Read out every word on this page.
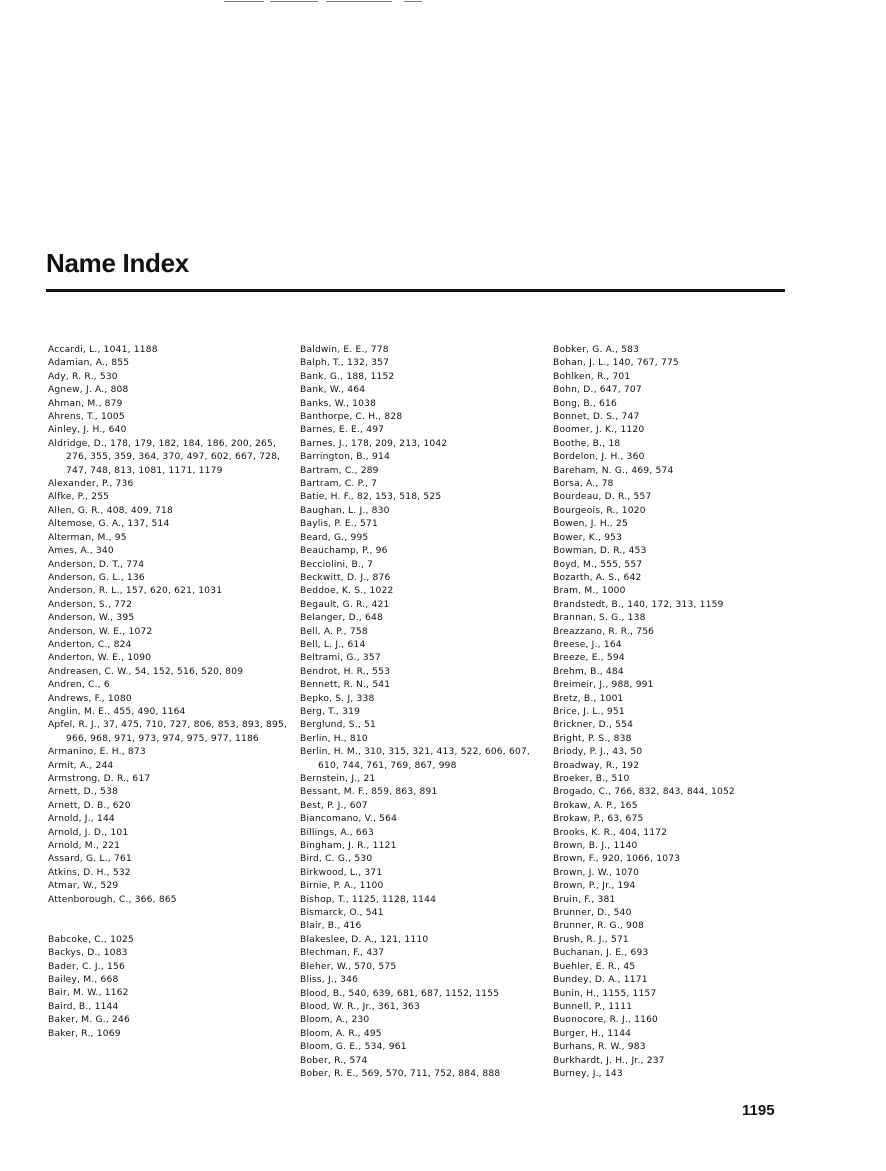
Name Index
Accardi, L., 1041, 1188
Adamian, A., 855
Ady, R. R., 530
Agnew, J. A., 808
Ahman, M., 879
Ahrens, T., 1005
Ainley, J. H., 640
Aldridge, D., 178, 179, 182, 184, 186, 200, 265, 276, 355, 359, 364, 370, 497, 602, 667, 728, 747, 748, 813, 1081, 1171, 1179
Alexander, P., 736
Alfke, P., 255
Allen, G. R., 408, 409, 718
Altemose, G. A., 137, 514
Alterman, M., 95
Ames, A., 340
Anderson, D. T., 774
Anderson, G. L., 136
Anderson, R. L., 157, 620, 621, 1031
Anderson, S., 772
Anderson, W., 395
Anderson, W. E., 1072
Anderton, C., 824
Anderton, W. E., 1090
Andreasen, C. W., 54, 152, 516, 520, 809
Andren, C., 6
Andrews, F., 1080
Anglin, M. E., 455, 490, 1164
Apfel, R. J., 37, 475, 710, 727, 806, 853, 893, 895, 966, 968, 971, 973, 974, 975, 977, 1186
Armanino, E. H., 873
Armit, A., 244
Armstrong, D. R., 617
Arnett, D., 538
Arnett, D. B., 620
Arnold, J., 144
Arnold, J. D., 101
Arnold, M., 221
Assard, G. L., 761
Atkins, D. H., 532
Atmar, W., 529
Attenborough, C., 366, 865
Babcoke, C., 1025
Backys, D., 1083
Bader, C. J., 156
Bailey, M., 668
Bair, M. W., 1162
Baird, B., 1144
Baker, M. G., 246
Baker, R., 1069
Baldwin, E. E., 778
Balph, T., 132, 357
Bank, G., 188, 1152
Bank, W., 464
Banks, W., 1038
Banthorpe, C. H., 828
Barnes, E. E., 497
Barnes, J., 178, 209, 213, 1042
Barrington, B., 914
Bartram, C., 289
Bartram, C. P., 7
Batie, H. F., 82, 153, 518, 525
Baughan, L. J., 830
Baylis, P. E., 571
Beard, G., 995
Beauchamp, P., 96
Becciolini, B., 7
Beckwitt, D. J., 876
Beddoe, K. S., 1022
Begault, G. R., 421
Belanger, D., 648
Bell, A. P., 758
Bell, L. J., 614
Beltrami, G., 357
Bendrot, H. R., 553
Bennett, R. N., 541
Bepko, S. J, 338
Berg, T., 319
Berglund, S., 51
Berlin, H., 810
Berlin, H. M., 310, 315, 321, 413, 522, 606, 607, 610, 744, 761, 769, 867, 998
Bernstein, J., 21
Bessant, M. F., 859, 863, 891
Best, P. J., 607
Biancomano, V., 564
Billings, A., 663
Bingham, J. R., 1121
Bird, C. G., 530
Birkwood, L., 371
Birnie, P. A., 1100
Bishop, T., 1125, 1128, 1144
Bismarck, O., 541
Blair, B., 416
Blakeslee, D. A., 121, 1110
Blechman, F., 437
Bleher, W., 570, 575
Bliss, J., 346
Blood, B., 540, 639, 681, 687, 1152, 1155
Blood, W. R., Jr., 361, 363
Bloom, A., 230
Bloom, A. R., 495
Bloom, G. E., 534, 961
Bober, R., 574
Bober, R. E., 569, 570, 711, 752, 884, 888
Bobker, G. A., 583
Bohan, J. L., 140, 767, 775
Bohlken, R., 701
Bohn, D., 647, 707
Bong, B., 616
Bonnet, D. S., 747
Boomer, J. K., 1120
Boothe, B., 18
Bordelon, J. H., 360
Bareham, N. G., 469, 574
Borsa, A., 78
Bourdeau, D. R., 557
Bourgeois, R., 1020
Bowen, J. H., 25
Bower, K., 953
Bowman, D. R., 453
Boyd, M., 555, 557
Bozarth, A. S., 642
Bram, M., 1000
Brandstedt, B., 140, 172, 313, 1159
Brannan, S. G., 138
Breazzano, R. R., 756
Breese, J., 164
Breeze, E., 594
Brehm, B., 484
Breimeir, J., 988, 991
Bretz, B., 1001
Brice, J. L., 951
Brickner, D., 554
Bright, P. S., 838
Briody, P. J., 43, 50
Broadway, R., 192
Broeker, B., 510
Brogado, C., 766, 832, 843, 844, 1052
Brokaw, A. P., 165
Brokaw, P., 63, 675
Brooks, K. R., 404, 1172
Brown, B. J., 1140
Brown, F., 920, 1066, 1073
Brown, J. W., 1070
Brown, P., Jr., 194
Bruin, F., 381
Brunner, D., 540
Brunner, R. G., 908
Brush, R. J., 571
Buchanan, J. E., 693
Buehler, E. R., 45
Bundey, D. A., 1171
Bunin, H., 1155, 1157
Bunnell, P., 1111
Buonocore, R. J., 1160
Burger, H., 1144
Burhans, R. W., 983
Burkhardt, J. H., Jr., 237
Burney, J., 143
1195
